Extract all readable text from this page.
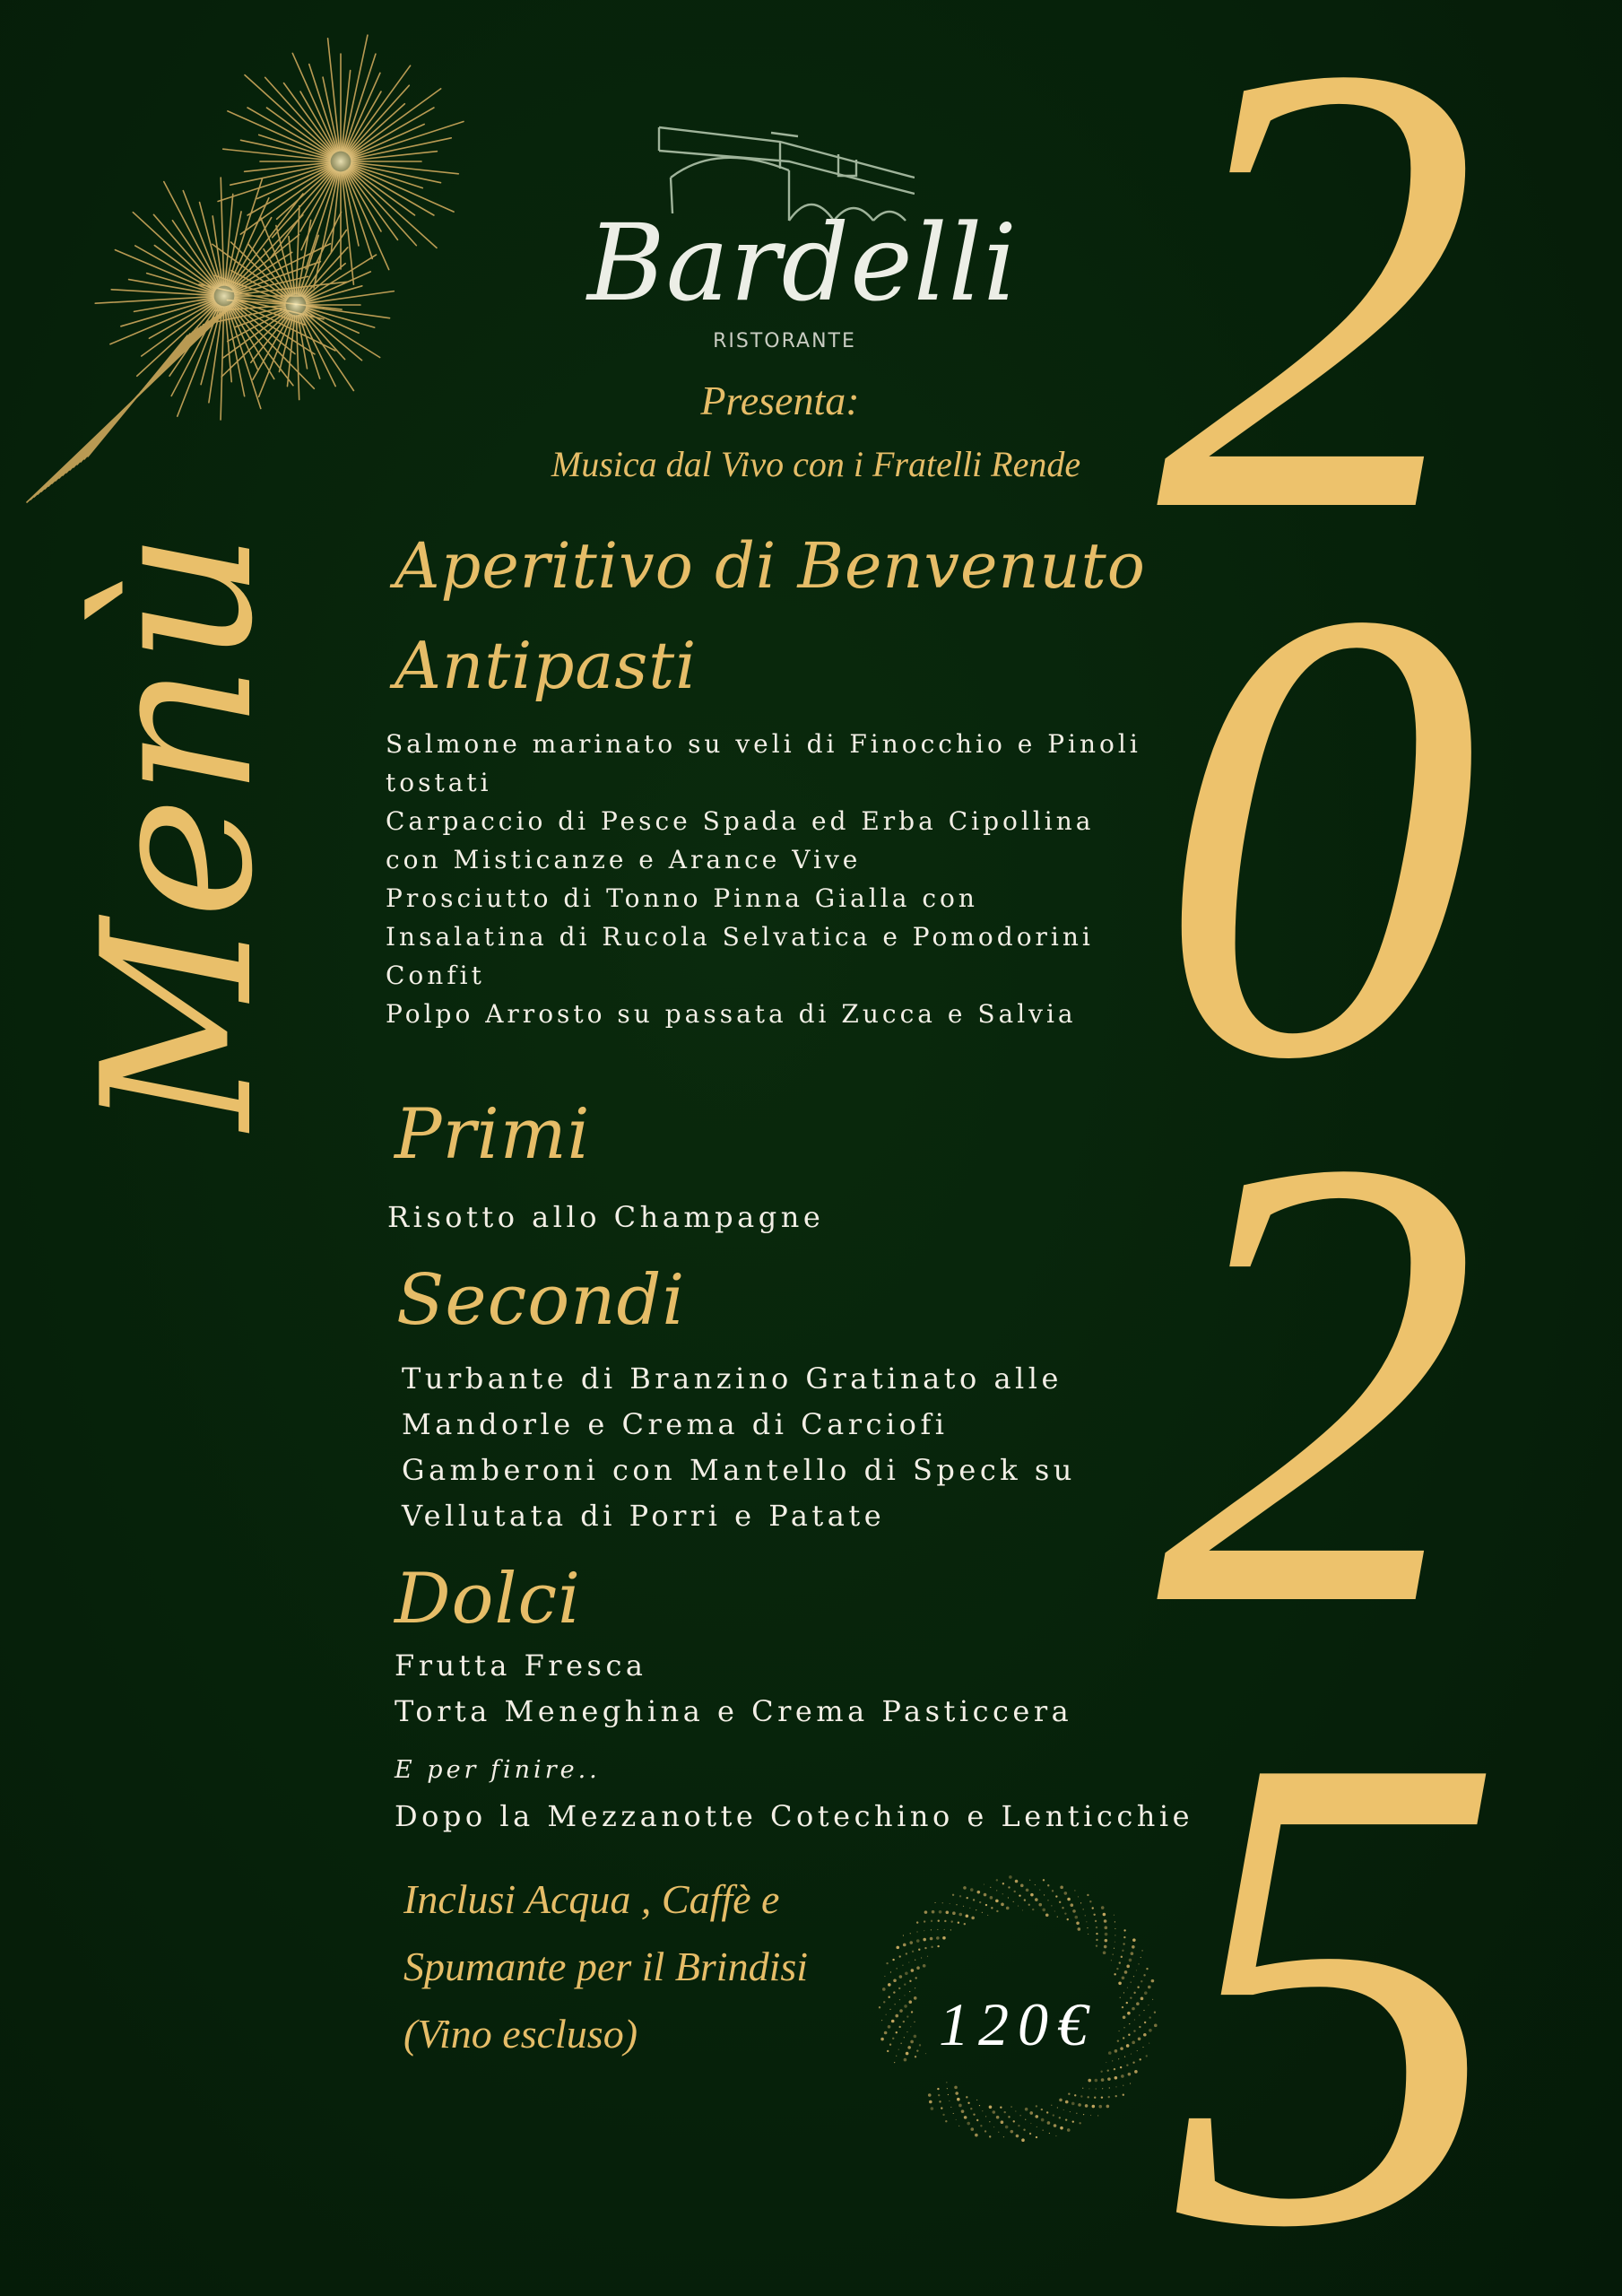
Bardelli
RISTORANTE
Presenta:
Musica dal Vivo con i Fratelli Rende
Menù
2
0
2
5
Aperitivo di Benvenuto
Antipasti
Salmone marinato su veli di Finocchio e Pinoli
tostati
Carpaccio di Pesce Spada ed Erba Cipollina
con Misticanze e Arance Vive
Prosciutto di Tonno Pinna Gialla con
Insalatina di Rucola Selvatica e Pomodorini
Confit
Polpo Arrosto su passata di Zucca e Salvia
Primi
Risotto allo Champagne
Secondi
Turbante di Branzino Gratinato alle
Mandorle e Crema di Carciofi
Gamberoni con Mantello di Speck su
Vellutata di Porri e Patate
Dolci
Frutta Fresca
Torta Meneghina e Crema Pasticcera
E per finire..
Dopo la Mezzanotte Cotechino e Lenticchie
Inclusi Acqua , Caffè e
Spumante per il Brindisi
(Vino escluso)	120€
